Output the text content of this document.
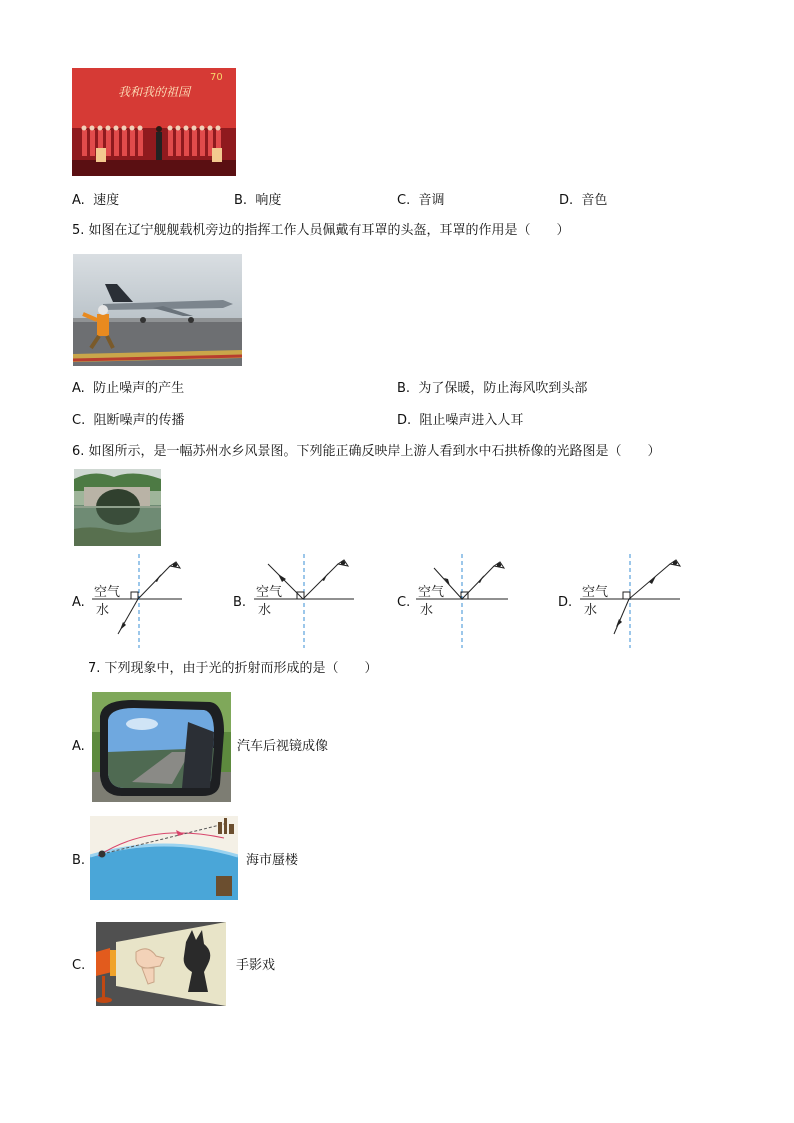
我和我的祖国
70
A. 速度	B. 响度	C. 音调	D. 音色
5. 如图在辽宁舰舰载机旁边的指挥工作人员佩戴有耳罩的头盔，耳罩的作用是（　　）
A. 防止噪声的产生	B. 为了保暖，防止海风吹到头部
C. 阻断噪声的传播	D. 阻止噪声进入人耳
6. 如图所示，是一幅苏州水乡风景图。下列能正确反映岸上游人看到水中石拱桥像的光路图是（　　）
A.
空气
水
B.
空气
水
C.
空气
水
D.
空气
水
7. 下列现象中，由于光的折射而形成的是（　　）
A.	汽车后视镜成像
B.	海市蜃楼
C.	手影戏
